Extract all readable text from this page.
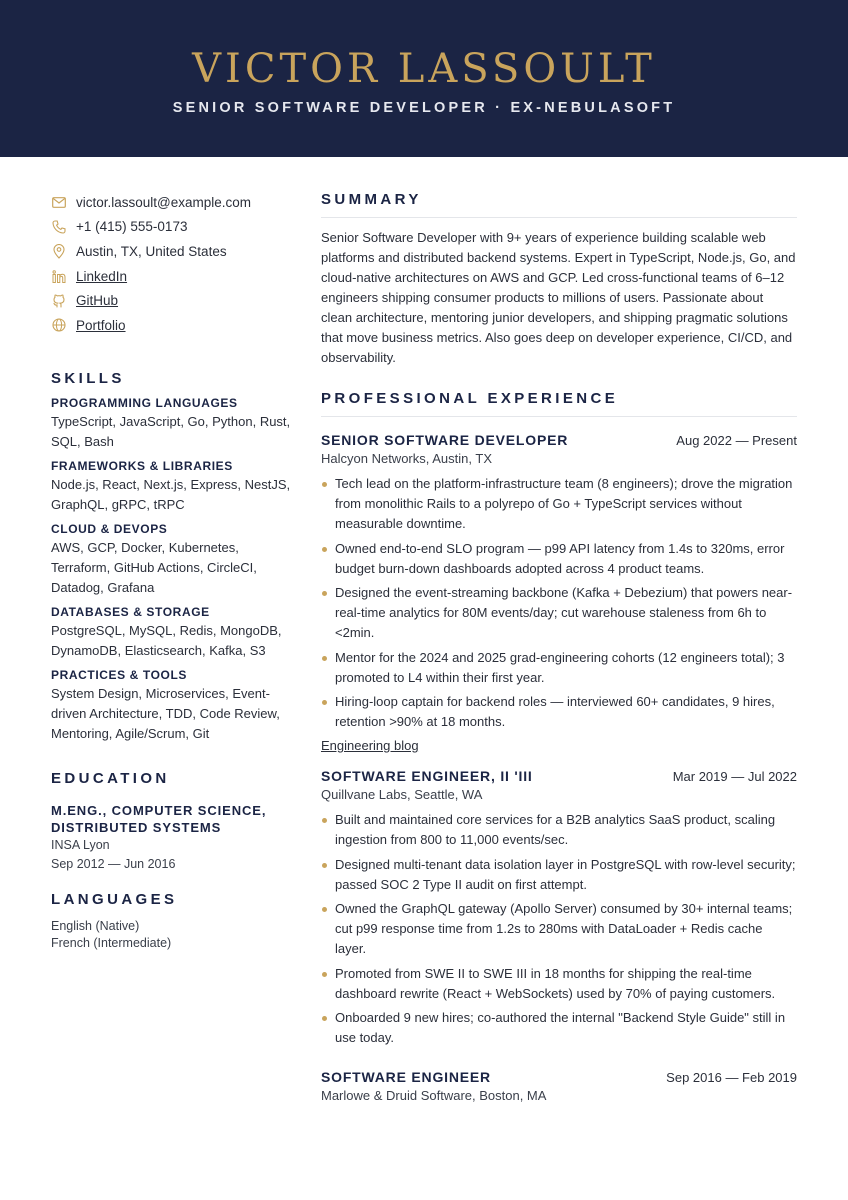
VICTOR LASSOULT
SENIOR SOFTWARE DEVELOPER · EX-NEBULASOFT
victor.lassoult@example.com
+1 (415) 555-0173
Austin, TX, United States
LinkedIn
GitHub
Portfolio
SKILLS
PROGRAMMING LANGUAGES
TypeScript, JavaScript, Go, Python, Rust, SQL, Bash
FRAMEWORKS & LIBRARIES
Node.js, React, Next.js, Express, NestJS, GraphQL, gRPC, tRPC
CLOUD & DEVOPS
AWS, GCP, Docker, Kubernetes, Terraform, GitHub Actions, CircleCI, Datadog, Grafana
DATABASES & STORAGE
PostgreSQL, MySQL, Redis, MongoDB, DynamoDB, Elasticsearch, Kafka, S3
PRACTICES & TOOLS
System Design, Microservices, Event-driven Architecture, TDD, Code Review, Mentoring, Agile/Scrum, Git
EDUCATION
M.ENG., COMPUTER SCIENCE, DISTRIBUTED SYSTEMS
INSA Lyon
Sep 2012 — Jun 2016
LANGUAGES
English (Native)
French (Intermediate)
SUMMARY
Senior Software Developer with 9+ years of experience building scalable web platforms and distributed backend systems. Expert in TypeScript, Node.js, Go, and cloud-native architectures on AWS and GCP. Led cross-functional teams of 6–12 engineers shipping consumer products to millions of users. Passionate about clean architecture, mentoring junior developers, and shipping pragmatic solutions that move business metrics. Also goes deep on developer experience, CI/CD, and observability.
PROFESSIONAL EXPERIENCE
SENIOR SOFTWARE DEVELOPER	Aug 2022 — Present
Halcyon Networks, Austin, TX
Tech lead on the platform-infrastructure team (8 engineers); drove the migration from monolithic Rails to a polyrepo of Go + TypeScript services without measurable downtime.
Owned end-to-end SLO program — p99 API latency from 1.4s to 320ms, error budget burn-down dashboards adopted across 4 product teams.
Designed the event-streaming backbone (Kafka + Debezium) that powers near-real-time analytics for 80M events/day; cut warehouse staleness from 6h to <2min.
Mentor for the 2024 and 2025 grad-engineering cohorts (12 engineers total); 3 promoted to L4 within their first year.
Hiring-loop captain for backend roles — interviewed 60+ candidates, 9 hires, retention >90% at 18 months.
Engineering blog
SOFTWARE ENGINEER, II 'III	Mar 2019 — Jul 2022
Quillvane Labs, Seattle, WA
Built and maintained core services for a B2B analytics SaaS product, scaling ingestion from 800 to 11,000 events/sec.
Designed multi-tenant data isolation layer in PostgreSQL with row-level security; passed SOC 2 Type II audit on first attempt.
Owned the GraphQL gateway (Apollo Server) consumed by 30+ internal teams; cut p99 response time from 1.2s to 280ms with DataLoader + Redis cache layer.
Promoted from SWE II to SWE III in 18 months for shipping the real-time dashboard rewrite (React + WebSockets) used by 70% of paying customers.
Onboarded 9 new hires; co-authored the internal "Backend Style Guide" still in use today.
SOFTWARE ENGINEER	Sep 2016 — Feb 2019
Marlowe & Druid Software, Boston, MA
